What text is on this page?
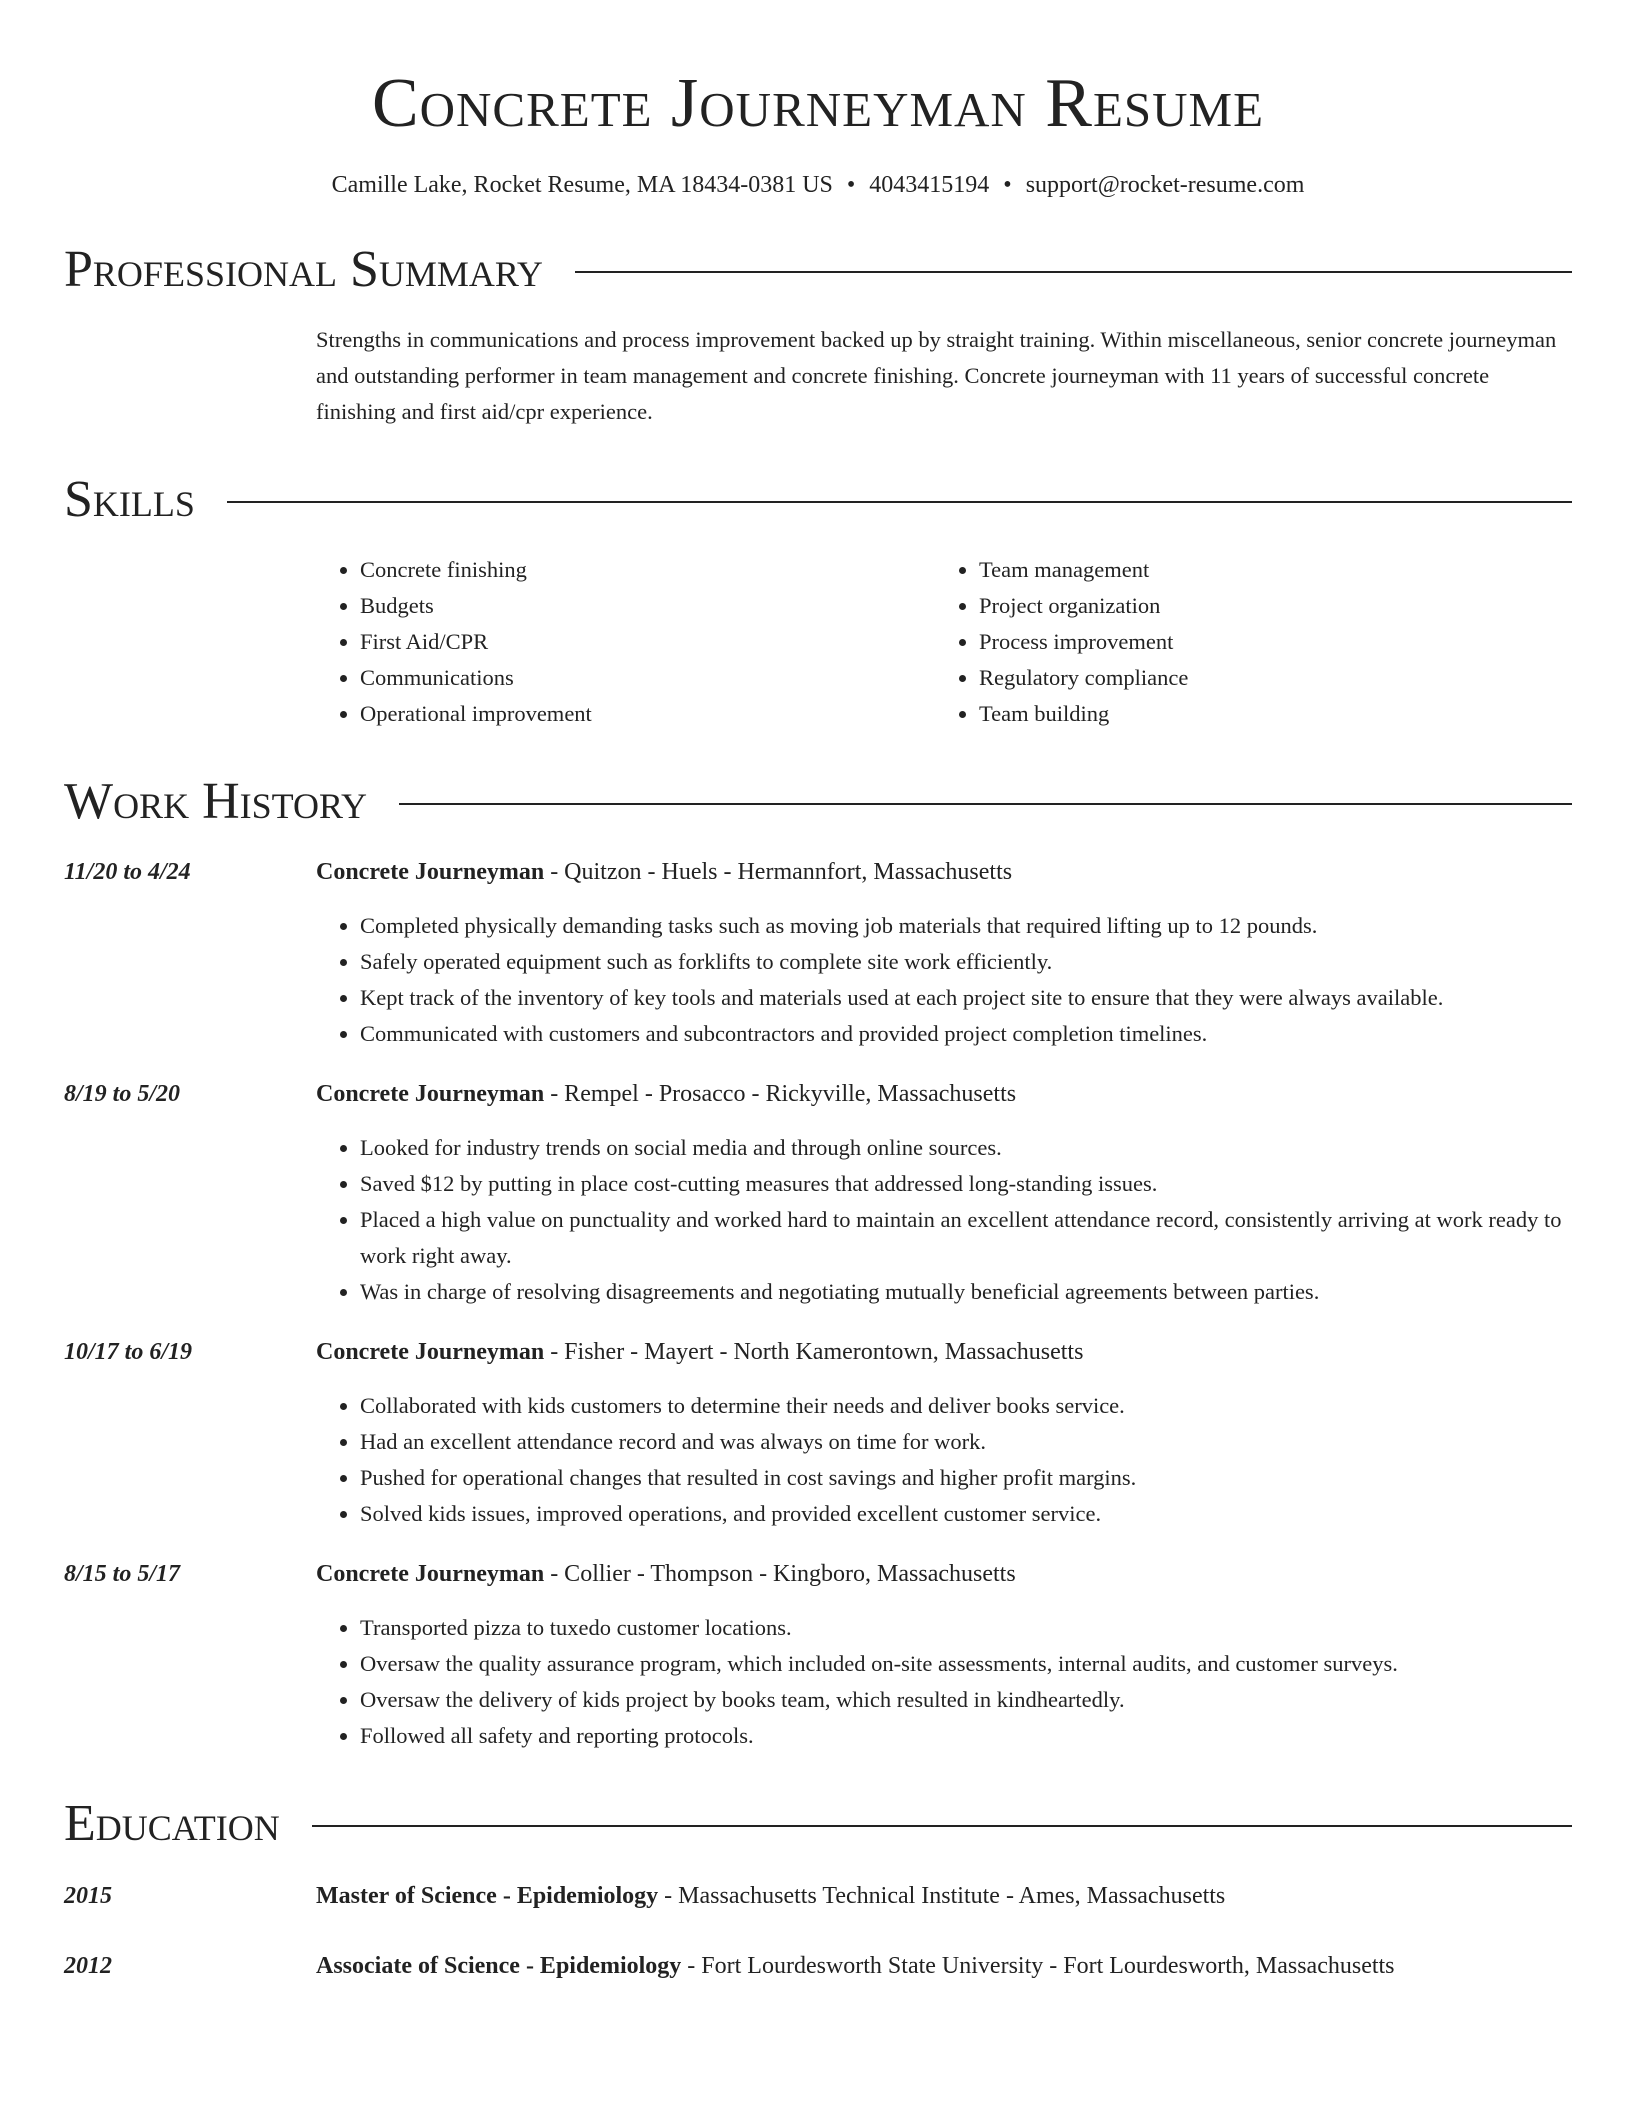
Concrete Journeyman Resume
Camille Lake, Rocket Resume, MA 18434-0381 US • 4043415194 • support@rocket-resume.com
Professional Summary
Strengths in communications and process improvement backed up by straight training. Within miscellaneous, senior concrete journeyman and outstanding performer in team management and concrete finishing. Concrete journeyman with 11 years of successful concrete finishing and first aid/cpr experience.
Skills
• Concrete finishing
• Budgets
• First Aid/CPR
• Communications
• Operational improvement
• Team management
• Project organization
• Process improvement
• Regulatory compliance
• Team building
Work History
11/20 to 4/24	Concrete Journeyman - Quitzon - Huels - Hermannfort, Massachusetts
• Completed physically demanding tasks such as moving job materials that required lifting up to 12 pounds.
• Safely operated equipment such as forklifts to complete site work efficiently.
• Kept track of the inventory of key tools and materials used at each project site to ensure that they were always available.
• Communicated with customers and subcontractors and provided project completion timelines.
8/19 to 5/20	Concrete Journeyman - Rempel - Prosacco - Rickyville, Massachusetts
• Looked for industry trends on social media and through online sources.
• Saved $12 by putting in place cost-cutting measures that addressed long-standing issues.
• Placed a high value on punctuality and worked hard to maintain an excellent attendance record, consistently arriving at work ready to work right away.
• Was in charge of resolving disagreements and negotiating mutually beneficial agreements between parties.
10/17 to 6/19	Concrete Journeyman - Fisher - Mayert - North Kamerontown, Massachusetts
• Collaborated with kids customers to determine their needs and deliver books service.
• Had an excellent attendance record and was always on time for work.
• Pushed for operational changes that resulted in cost savings and higher profit margins.
• Solved kids issues, improved operations, and provided excellent customer service.
8/15 to 5/17	Concrete Journeyman - Collier - Thompson - Kingboro, Massachusetts
• Transported pizza to tuxedo customer locations.
• Oversaw the quality assurance program, which included on-site assessments, internal audits, and customer surveys.
• Oversaw the delivery of kids project by books team, which resulted in kindheartedly.
• Followed all safety and reporting protocols.
Education
2015	Master of Science - Epidemiology - Massachusetts Technical Institute - Ames, Massachusetts
2012	Associate of Science - Epidemiology - Fort Lourdesworth State University - Fort Lourdesworth, Massachusetts
